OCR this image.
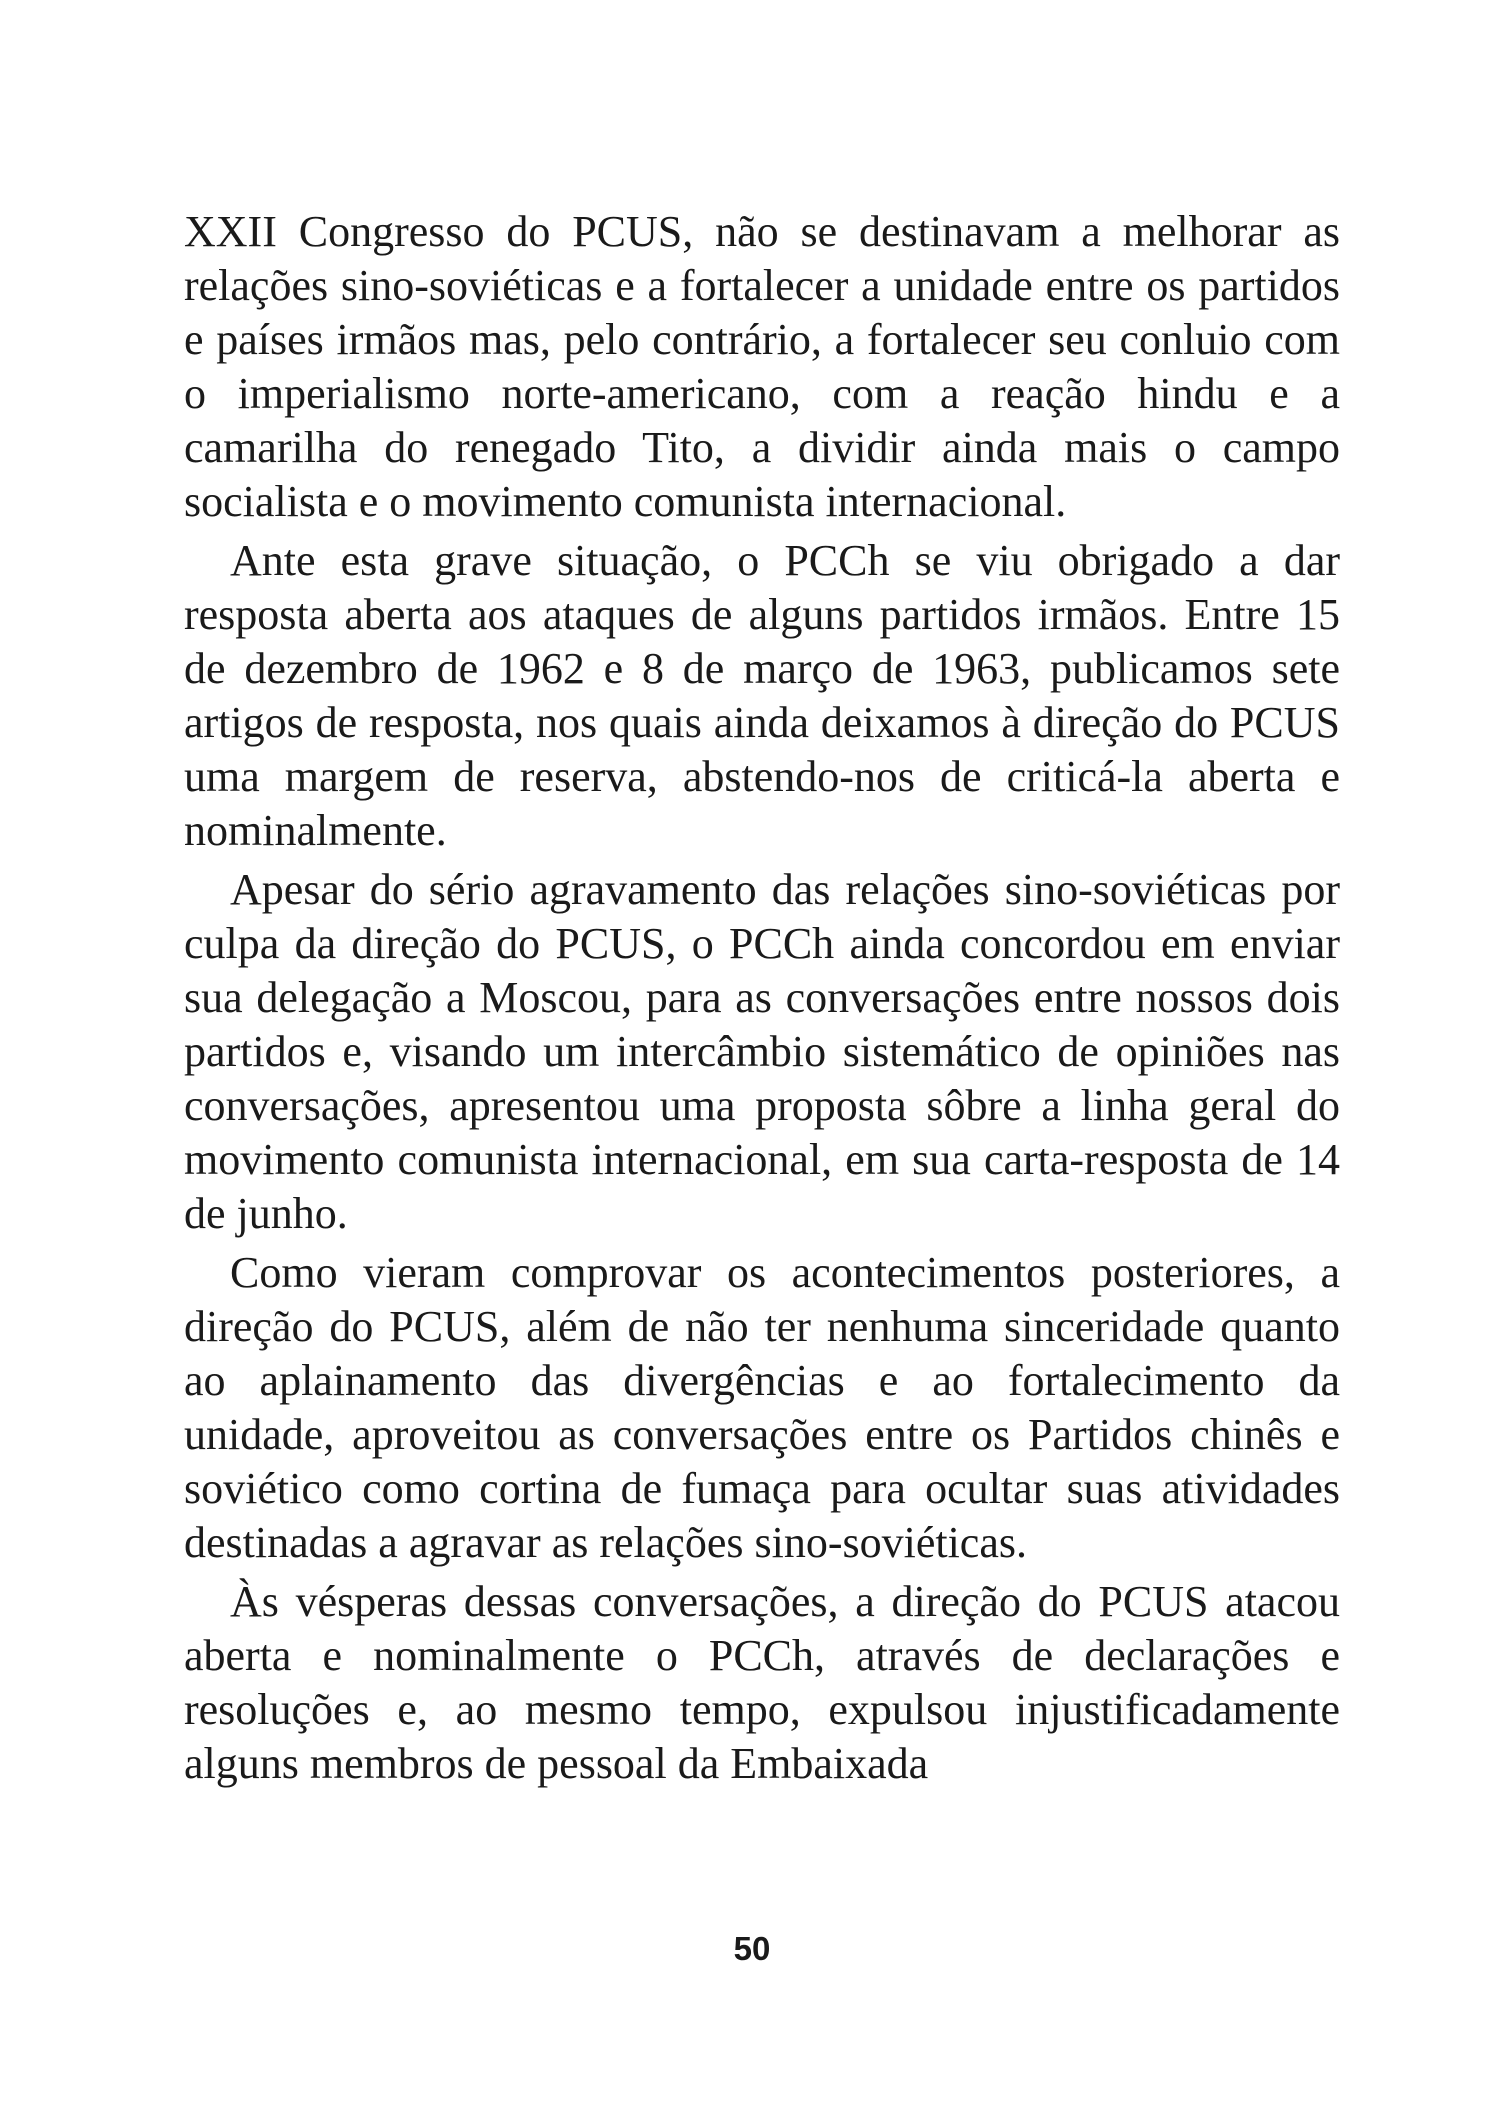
XXII Congresso do PCUS, não se destinavam a melhorar as relações sino-soviéticas e a fortalecer a unidade entre os partidos e países irmãos mas, pelo contrário, a fortalecer seu conluio com o imperialismo norte-americano, com a reação hindu e a camarilha do renegado Tito, a dividir ainda mais o campo socialista e o movimento comunista internacional.

Ante esta grave situação, o PCCh se viu obrigado a dar resposta aberta aos ataques de alguns partidos irmãos. Entre 15 de dezembro de 1962 e 8 de março de 1963, publicamos sete artigos de resposta, nos quais ainda deixamos à direção do PCUS uma margem de reserva, abstendo-nos de criticá-la aberta e nominalmente.

Apesar do sério agravamento das relações sino-soviéticas por culpa da direção do PCUS, o PCCh ainda concordou em enviar sua delegação a Moscou, para as conversações entre nossos dois partidos e, visando um intercâmbio sistemático de opiniões nas conversações, apresentou uma proposta sôbre a linha geral do movimento comunista internacional, em sua carta-resposta de 14 de junho.

Como vieram comprovar os acontecimentos posteriores, a direção do PCUS, além de não ter nenhuma sinceridade quanto ao aplainamento das divergências e ao fortalecimento da unidade, aproveitou as conversações entre os Partidos chinês e soviético como cortina de fumaça para ocultar suas atividades destinadas a agravar as relações sino-soviéticas.

Às vésperas dessas conversações, a direção do PCUS atacou aberta e nominalmente o PCCh, através de declarações e resoluções e, ao mesmo tempo, expulsou injustificadamente alguns membros de pessoal da Embaixada

50
